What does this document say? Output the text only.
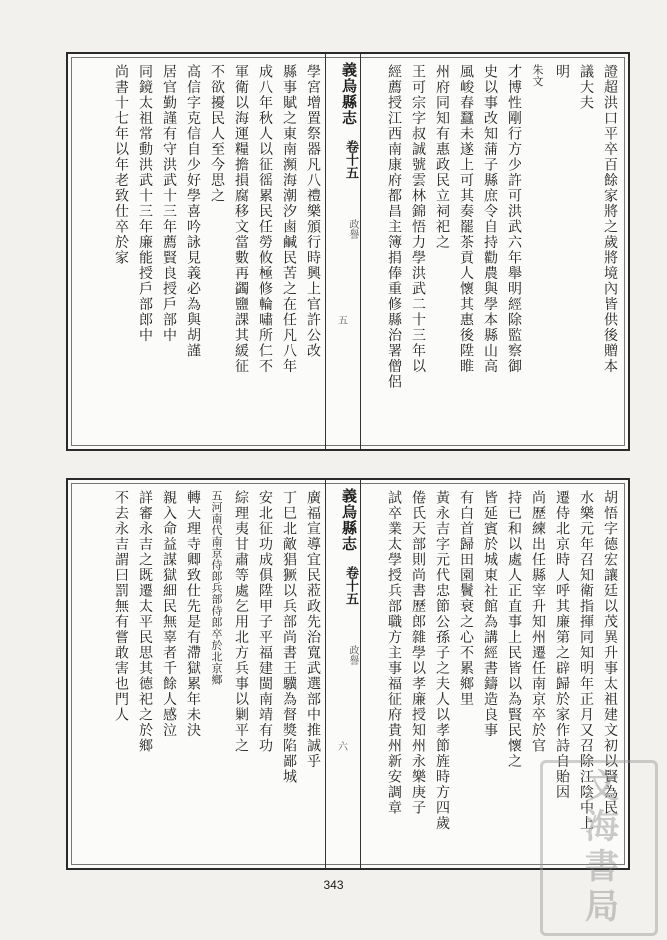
證超洪口平卒百餘家將之歲將境內皆供後贈本
議大夫
明
朱文
才博性剛行方少許可洪武六年舉明經除監察御
史以事改知蒲子縣庶令自持勸農與學本縣山高
風峻春蠶未遂上可其奏罷茶貢人懷其惠後陞睢
州府同知有惠政民立祠祀之
王可宗字叔誠號雲林錦悟力學洪武二十三年以
經薦授江西南康府都昌主簿捐俸重修縣治署僧侶
義烏縣志
卷十五
政譽
五
學宮增置祭器凡八禮樂頒行時興上官許公改
縣事賦之東南瀕海潮汐鹵鹹民苦之在任凡八年
成八年秋人以征徭累民任勞攸極修輪嘯所仁不
軍衛以海運糧擔損腐移文當數再蠲鹽課其緩征
不欲擾民人至今思之
高信字克信自少好學喜吟詠見義必為與胡謹
居官勤謹有守洪武十三年薦賢良授戶部中
同鏡太祖常動洪武十三年廉能授戶部郎中
尚書十七年以年老致仕卒於家
胡悟字德宏讓廷以茂異升事太祖建文初以賢為民
水樂元年召知衛指揮同知明年正月又召除江陰中上
遷侍北京時人呼其廉第之辟歸於家作詩自貽因
尚歷練出任縣宰升知州遷任南京卒於官
持已和以處人正直事上民皆以為賢民懷之
皆延賓於城東社館為講經書鑄造良事
有白首歸田園鬢衰之心不累鄉里
黃永吉字元代忠節公孫子之夫人以孝節旌時方四歲
倦氏天部則尚書歷郎雜學以孝廉授知州永樂庚子
試卒業太學授兵部職方主事福征府貴州新安調章
義烏縣志
卷十五
政譽
六
廣福宣導宜民蒞政先治寬武選部中推誠乎
丁巳北敵猖獗以兵部尚書王驥為督獎陷鄙城
安北征功成俱陞甲子平福建閩南靖有功
綜理夷甘肅等處乞用北方兵事以剿平之
五河南代南京侍郎兵部侍郎卒於北京鄉
轉大理寺卿致仕先是有滯獄累年未決
親入命益謀獄細民無辜者千餘人感泣
詳審永吉之既遷太平民思其德祀之於鄉
不去永吉謂曰罰無有嘗敢害也門人
343	文海書局
